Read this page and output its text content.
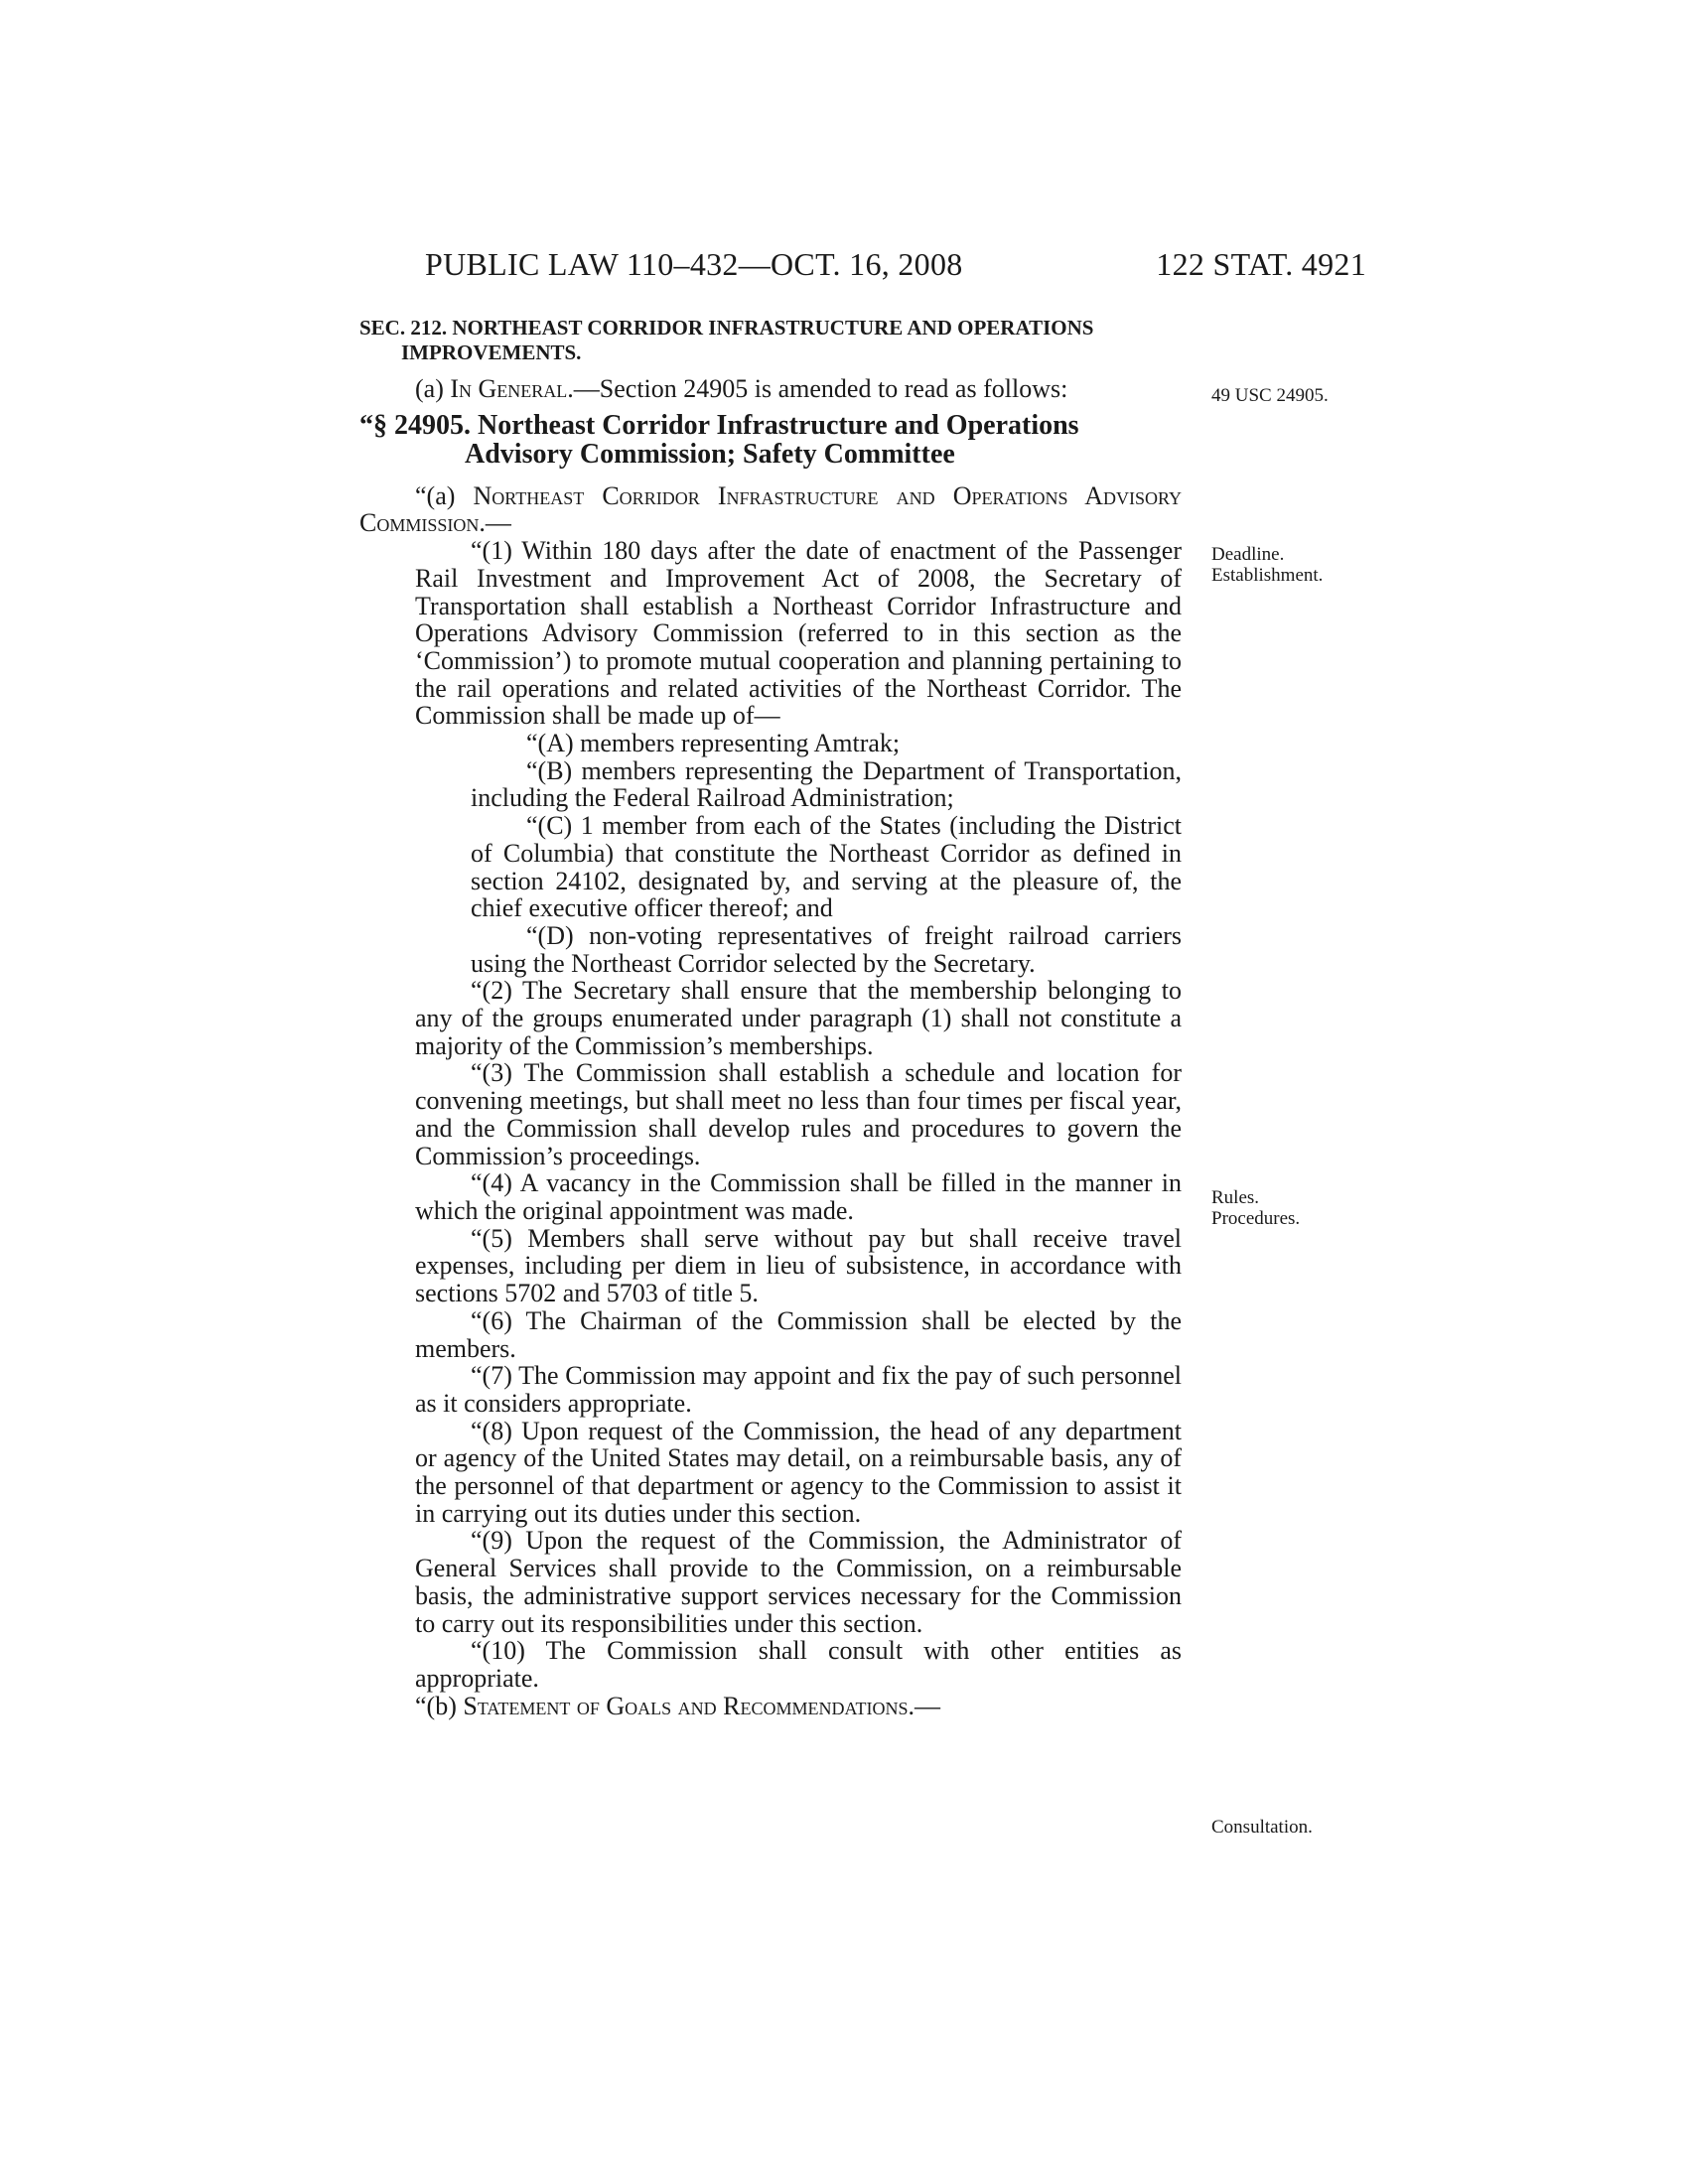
PUBLIC LAW 110–432—OCT. 16, 2008	122 STAT. 4921

SEC. 212. NORTHEAST CORRIDOR INFRASTRUCTURE AND OPERATIONS IMPROVEMENTS.

(a) In General.—Section 24905 is amended to read as follows:

“§ 24905. Northeast Corridor Infrastructure and Operations Advisory Commission; Safety Committee

“(a) Northeast Corridor Infrastructure and Operations Advisory Commission.—

“(1) Within 180 days after the date of enactment of the Passenger Rail Investment and Improvement Act of 2008, the Secretary of Transportation shall establish a Northeast Corridor Infrastructure and Operations Advisory Commission (referred to in this section as the ‘Commission’) to promote mutual cooperation and planning pertaining to the rail operations and related activities of the Northeast Corridor. The Commission shall be made up of—

“(A) members representing Amtrak;

“(B) members representing the Department of Transportation, including the Federal Railroad Administration;

“(C) 1 member from each of the States (including the District of Columbia) that constitute the Northeast Corridor as defined in section 24102, designated by, and serving at the pleasure of, the chief executive officer thereof; and

“(D) non-voting representatives of freight railroad carriers using the Northeast Corridor selected by the Secretary.

“(2) The Secretary shall ensure that the membership belonging to any of the groups enumerated under paragraph (1) shall not constitute a majority of the Commission’s memberships.

“(3) The Commission shall establish a schedule and location for convening meetings, but shall meet no less than four times per fiscal year, and the Commission shall develop rules and procedures to govern the Commission’s proceedings.

“(4) A vacancy in the Commission shall be filled in the manner in which the original appointment was made.

“(5) Members shall serve without pay but shall receive travel expenses, including per diem in lieu of subsistence, in accordance with sections 5702 and 5703 of title 5.

“(6) The Chairman of the Commission shall be elected by the members.

“(7) The Commission may appoint and fix the pay of such personnel as it considers appropriate.

“(8) Upon request of the Commission, the head of any department or agency of the United States may detail, on a reimbursable basis, any of the personnel of that department or agency to the Commission to assist it in carrying out its duties under this section.

“(9) Upon the request of the Commission, the Administrator of General Services shall provide to the Commission, on a reimbursable basis, the administrative support services necessary for the Commission to carry out its responsibilities under this section.

“(10) The Commission shall consult with other entities as appropriate.

“(b) Statement of Goals and Recommendations.—

49 USC 24905.
Deadline.
Establishment.
Rules.
Procedures.
Consultation.
